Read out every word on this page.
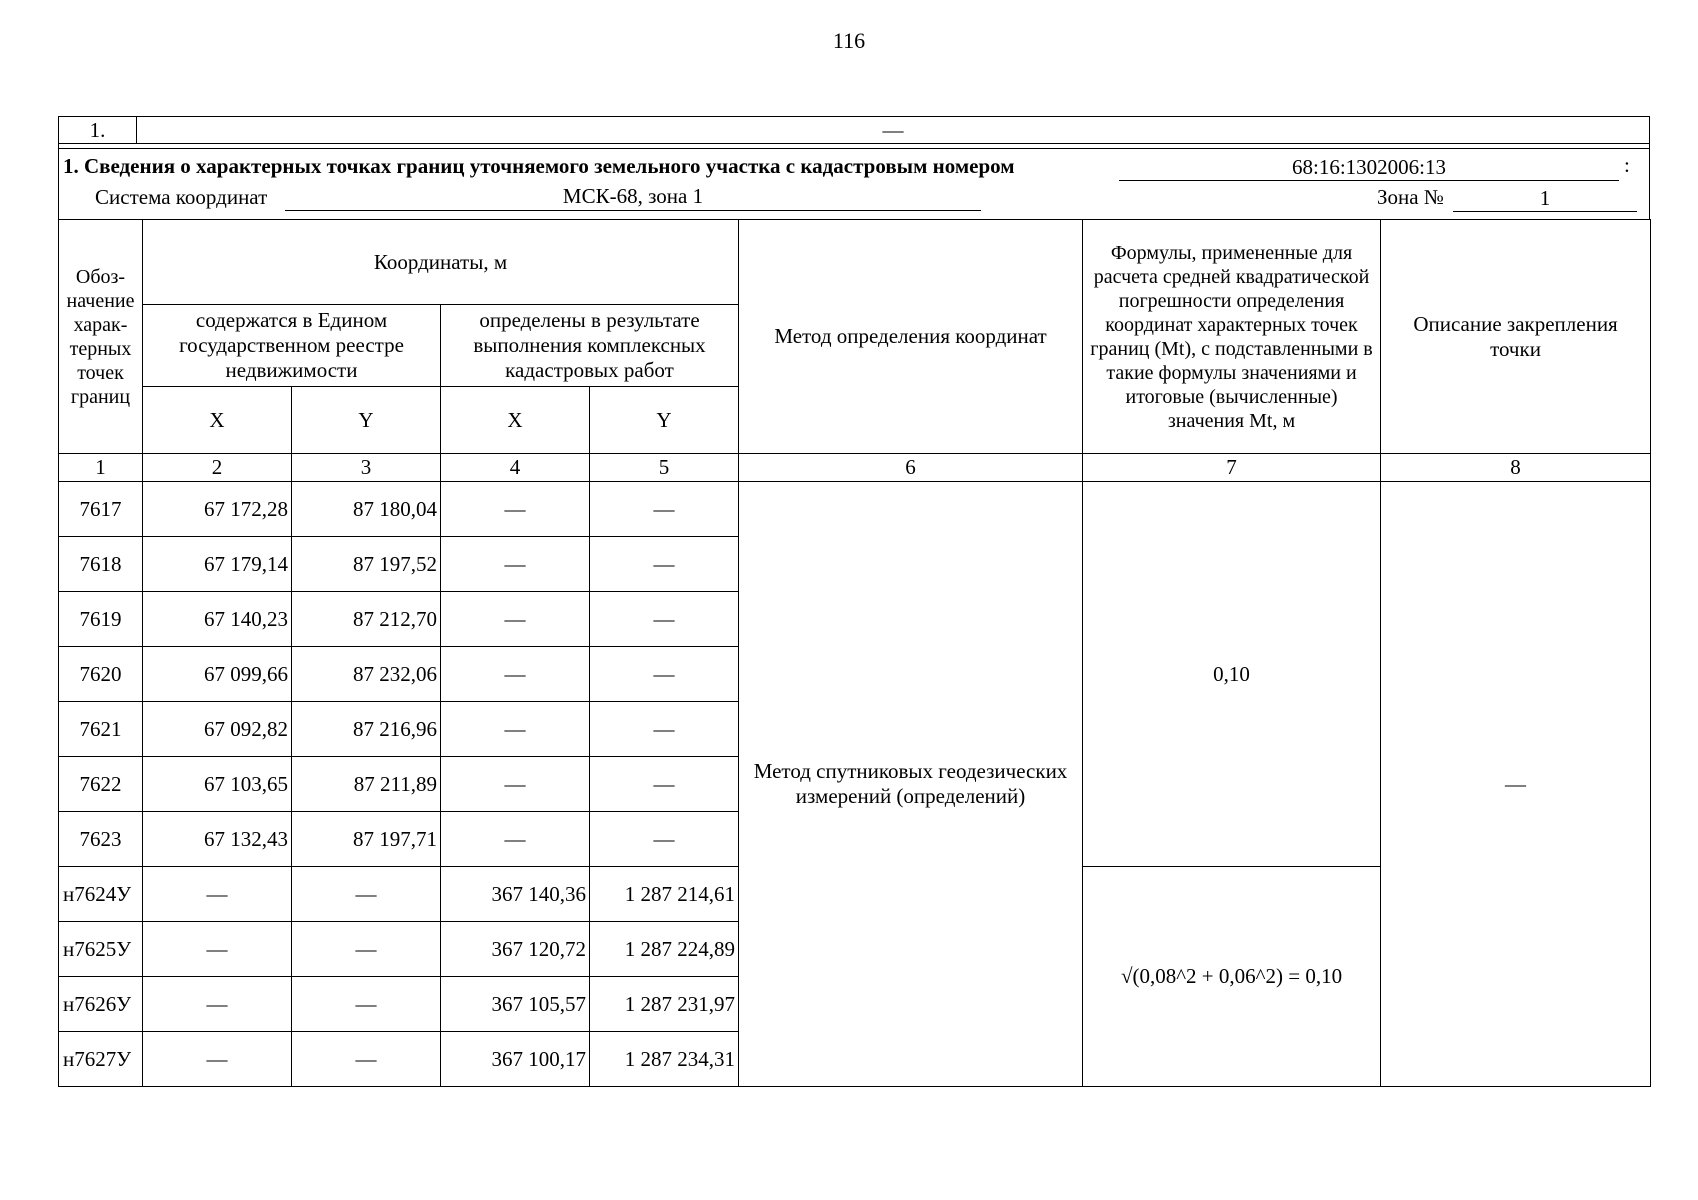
116
1.	—
1. Сведения о характерных точках границ уточняемого земельного участка с кадастровым номером	68:16:1302006:13	:
Система координат	МСК-68, зона 1	Зона №	1
Обоз-начение харак-терных точек границ	Координаты, м				Метод определения координат	Формулы, примененные для расчета средней квадратической погрешности определения координат характерных точек границ (Mt), с подставленными в такие формулы значениями и итоговые (вычисленные) значения Mt, м	Описание закрепления точки
	содержатся в Едином государственном реестре недвижимости		определены в результате выполнения комплексных кадастровых работ				
	X	Y	X	Y			
1	2	3	4	5	6	7	8
7617	67 172,28	87 180,04	—	—	Метод спутниковых геодезических измерений (определений)	0,10	—
7618	67 179,14	87 197,52	—	—			
7619	67 140,23	87 212,70	—	—			
7620	67 099,66	87 232,06	—	—			
7621	67 092,82	87 216,96	—	—			
7622	67 103,65	87 211,89	—	—			
7623	67 132,43	87 197,71	—	—			
н7624У	—	—	367 140,36	1 287 214,61		√(0,08^2 + 0,06^2) = 0,10	
н7625У	—	—	367 120,72	1 287 224,89			
н7626У	—	—	367 105,57	1 287 231,97			
н7627У	—	—	367 100,17	1 287 234,31			
